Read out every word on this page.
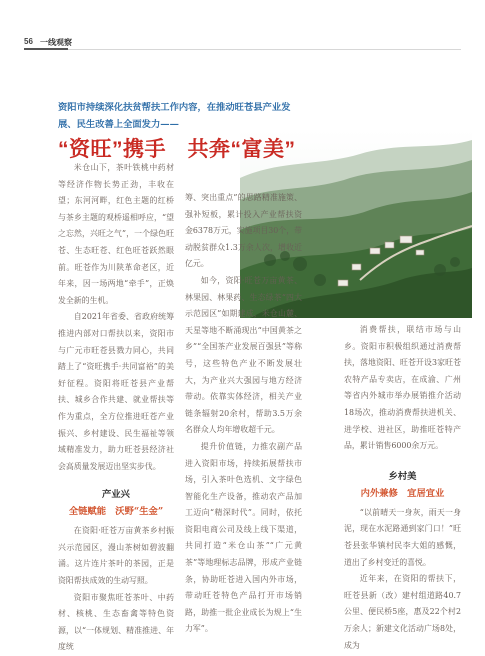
56 一线观察
资阳市持续深化扶贫帮扶工作内容，在推动旺苍县产业发展、民生改善上全面发力——
“资旺”携手　共奔“富美”

米仓山下，茶叶铁桃中药材等经济作物长势正劲，丰收在望；东河河畔，红色主题的红桥与茶乡主题的观桥遥相呼应，“望之忘然，兴旺之气”，一个绿色旺苍、生态旺苍、红色旺苍跃然眼前。旺苍作为川陕革命老区，近年来，因一场两地“牵手”，正焕发全新的生机。

自2021年省委、省政府统筹推进内部对口帮扶以来，资阳市与广元市旺苍县戮力同心，共同踏上了“资旺携手·共同富裕”的美好征程。资阳将旺苍县产业帮扶、城乡合作共建、就业帮扶等作为重点，全方位推进旺苍产业振兴、乡村建设、民生福祉等领域精准发力，助力旺苍县经济社会高质量发展迈出坚实步伐。

产业兴
全链赋能　沃野“生金”

在资阳·旺苍万亩黄茶乡村振兴示范园区，漫山茶树如碧波翻涌。这片连片茶叶的茶园，正是资阳帮扶成效的生动写照。

资阳市聚焦旺苍茶叶、中药材、核桃、生态畜禽等特色资源，以“一体规划、精准推进、年度统

筹、突出重点”的思路精准施策、强补短板，累计投入产业帮扶资金6378万元，实施项目30个，带动脱贫群众1.3万余人次，增收近亿元。

如今，资阳·旺苍万亩黄茶、林果园、林果药、生态绿茶“四大示范园区”如期建成，米仓山麓、天星等地不断涌现出“中国黄茶之乡”“全国茶产业发展百强县”等称号，这些特色产业不断发展壮大，为产业兴大强园与地方经济带动。依靠实体经济，相关产业链条辐射20余村，帮助3.5万余名群众人均年增收超千元。

提升价值链，力推农副产品进入资阳市场，持续拓展帮扶市场，引入茶叶色选机、文字绿色智能化生产设备，推动农产品加工迈向“精深时代”。同时，依托资阳电商公司及线上线下渠道，共同打造“米仓山茶”“广元黄茶”等地理标志品牌，形成产业链条，协助旺苍进入国内外市场，带动旺苍特色产品打开市场销路，助推一批企业成长为规上“生力军”。

消费帮扶，联结市场与山乡。资阳市积极组织通过消费帮扶，落地资阳、旺苍开设3家旺苍农特产品专卖店，在成渝、广州等省内外城市举办展销推介活动18场次，推动消费帮扶进机关、进学校、进社区，助推旺苍特产品，累计销售6000余万元。

乡村美
内外兼修　宜居宜业

“以前晴天一身灰，雨天一身泥，现在水泥路通到家门口！”旺苍县张华镇村民李大姐的感慨，道出了乡村变迁的喜悦。

近年来，在资阳的帮扶下，旺苍县新（改）建村组道路40.7公里、便民桥5座，惠及22个村2万余人；新建文化活动广场8处，成为
